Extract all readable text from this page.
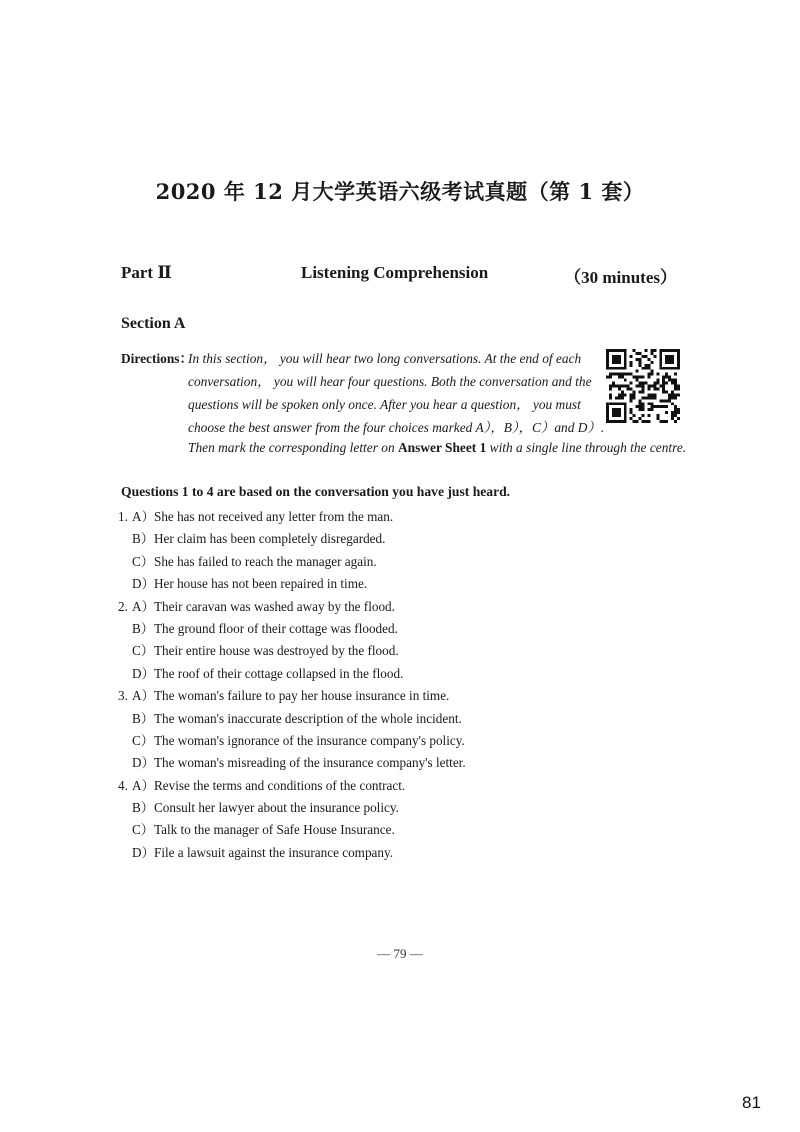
2020 年 12 月大学英语六级考试真题（第 1 套）
Part Ⅱ	Listening Comprehension	（30 minutes）
Section A
Directions：
In this section， you will hear two long conversations. At the end of each
conversation， you will hear four questions. Both the conversation and the
questions will be spoken only once. After you hear a question， you must
choose the best answer from the four choices marked A），B），C）and D）.
Then mark the corresponding letter on Answer Sheet 1 with a single line through the centre.
Questions 1 to 4 are based on the conversation you have just heard.
1. A）She has not received any letter from the man.
B）Her claim has been completely disregarded.
C）She has failed to reach the manager again.
D）Her house has not been repaired in time.
2. A）Their caravan was washed away by the flood.
B）The ground floor of their cottage was flooded.
C）Their entire house was destroyed by the flood.
D）The roof of their cottage collapsed in the flood.
3. A）The woman's failure to pay her house insurance in time.
B）The woman's inaccurate description of the whole incident.
C）The woman's ignorance of the insurance company's policy.
D）The woman's misreading of the insurance company's letter.
4. A）Revise the terms and conditions of the contract.
B）Consult her lawyer about the insurance policy.
C）Talk to the manager of Safe House Insurance.
D）File a lawsuit against the insurance company.
— 79 —
81
